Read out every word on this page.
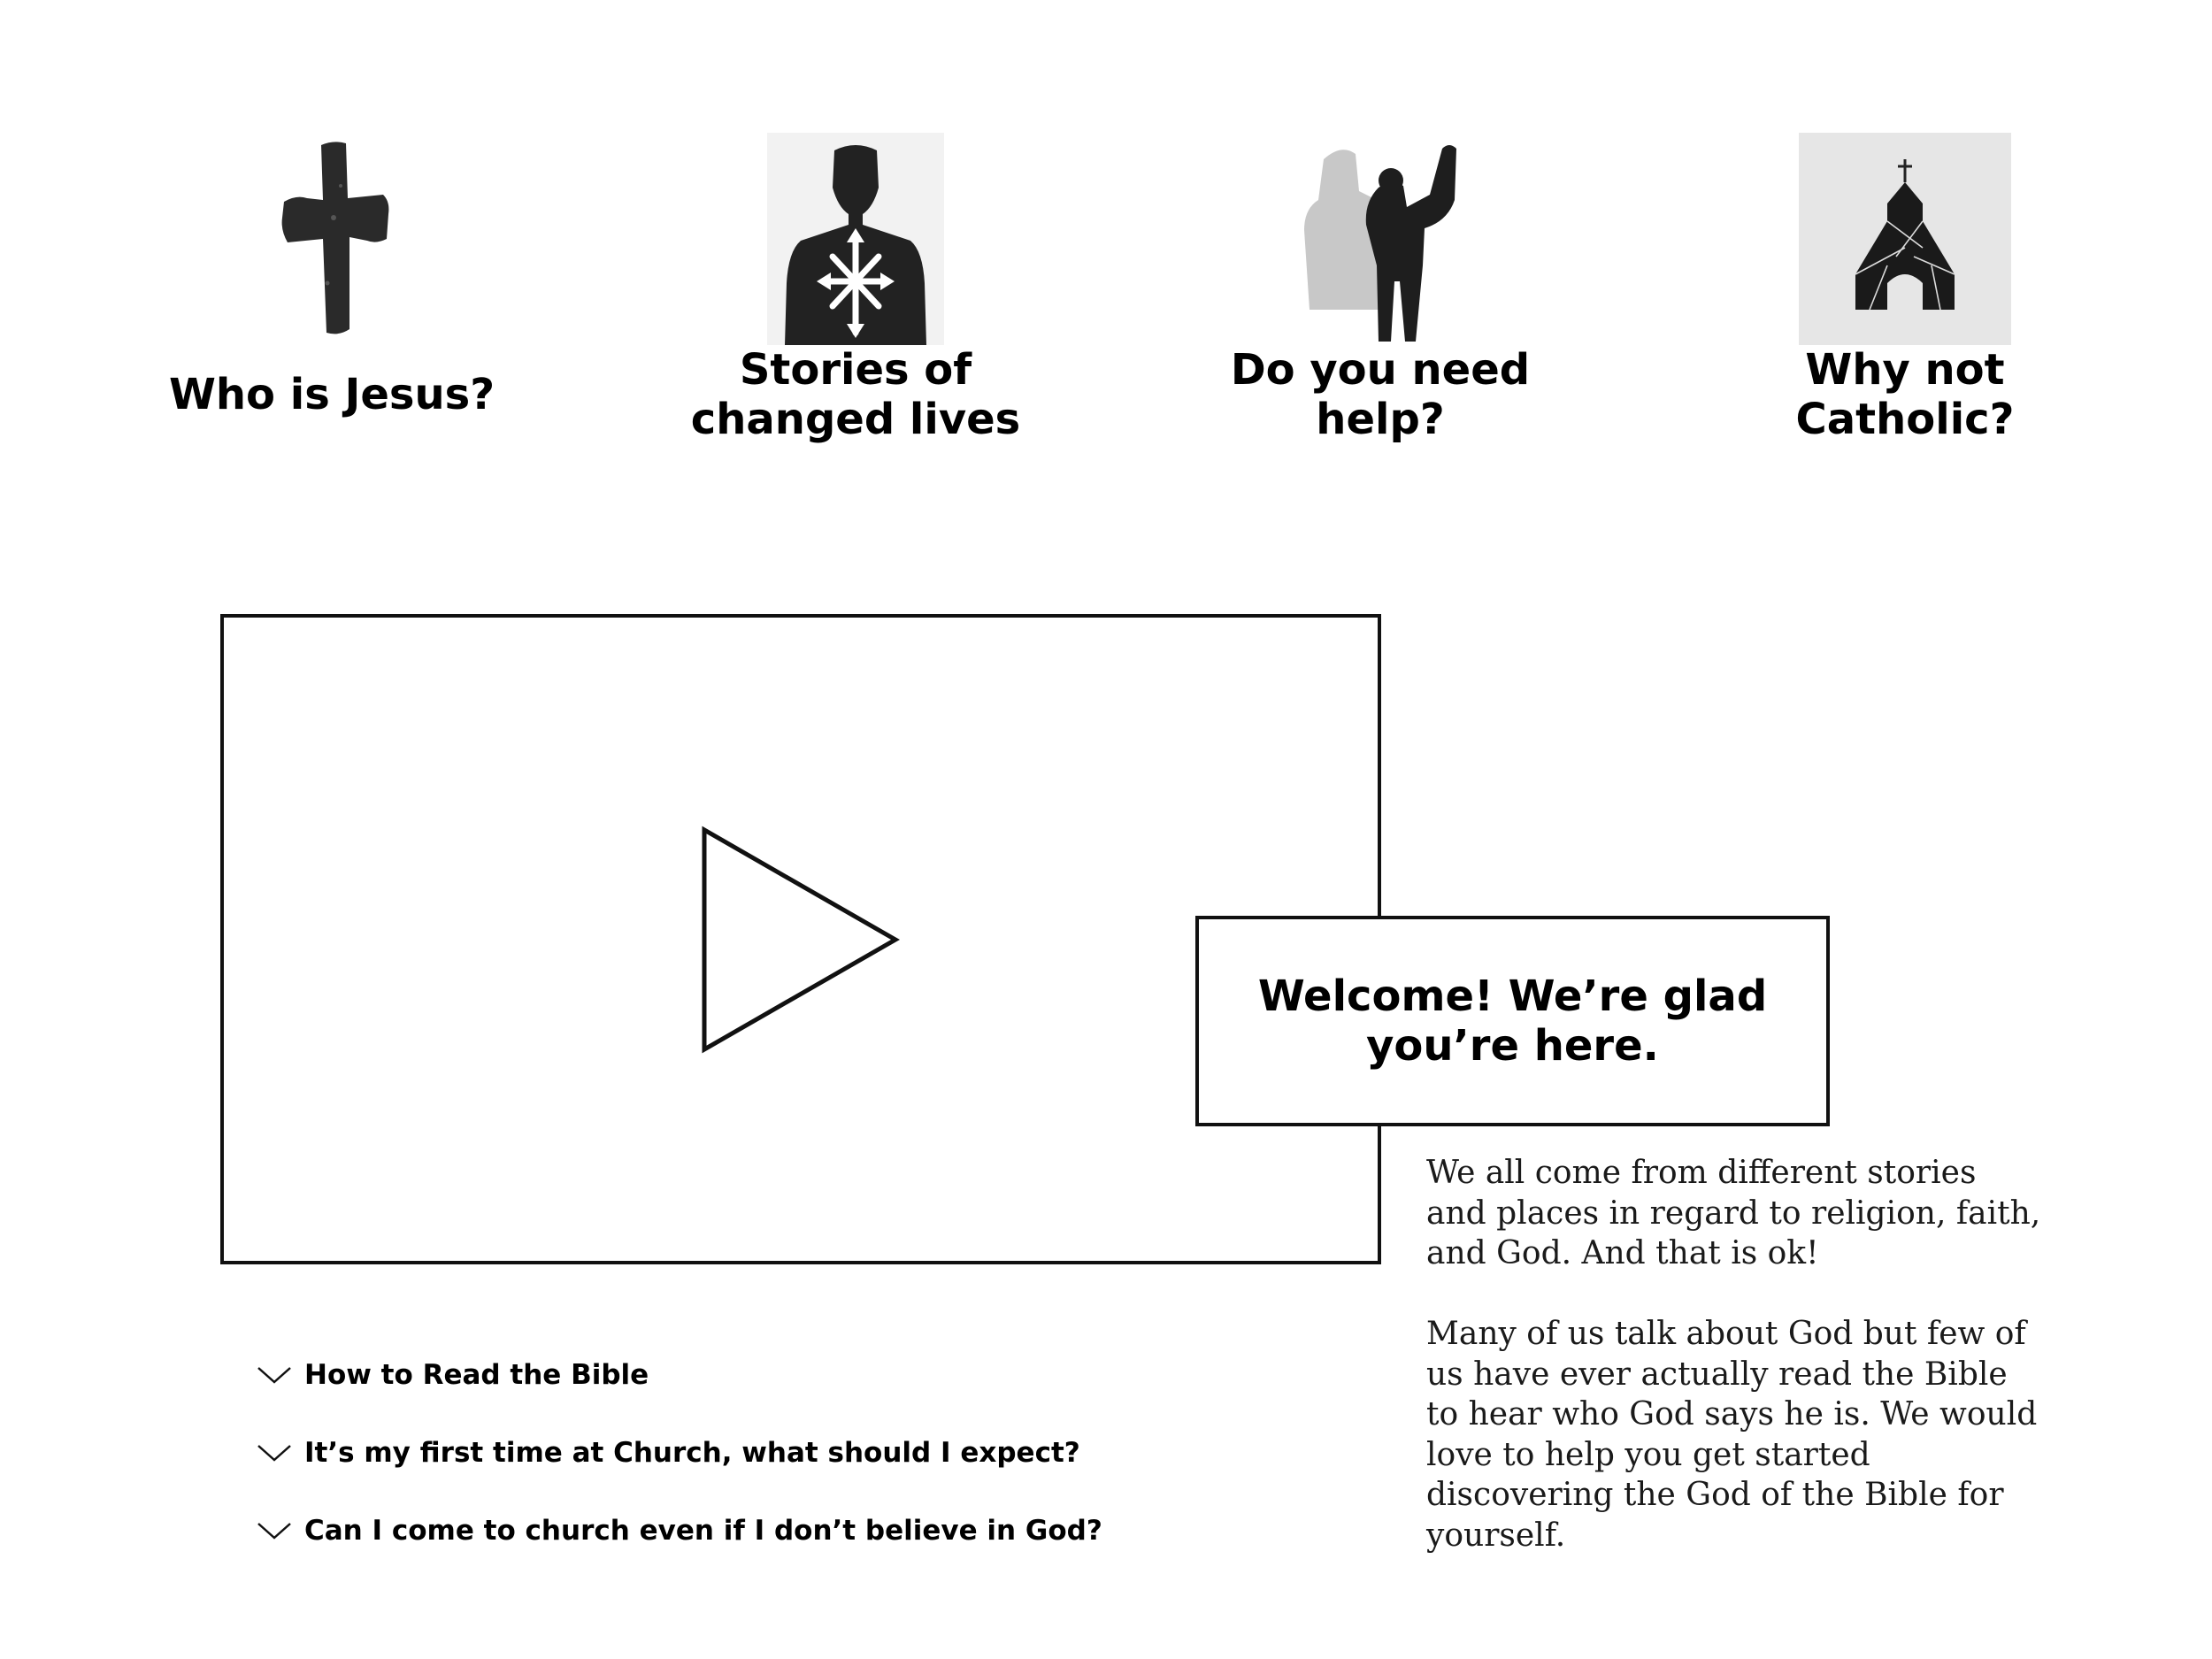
Who is Jesus?	Stories of
changed lives
Do you need
help?
Why not
Catholic?
Welcome! We’re glad you’re here.

We all come from different stories and places in regard to religion, faith, and God. And that is ok!

Many of us talk about God but few of us have ever actually read the Bible to hear who God says he is. We would love to help you get started discovering the God of the Bible for yourself.

How to Read the Bible
It’s my first time at Church, what should I expect?
Can I come to church even if I don’t believe in God?
